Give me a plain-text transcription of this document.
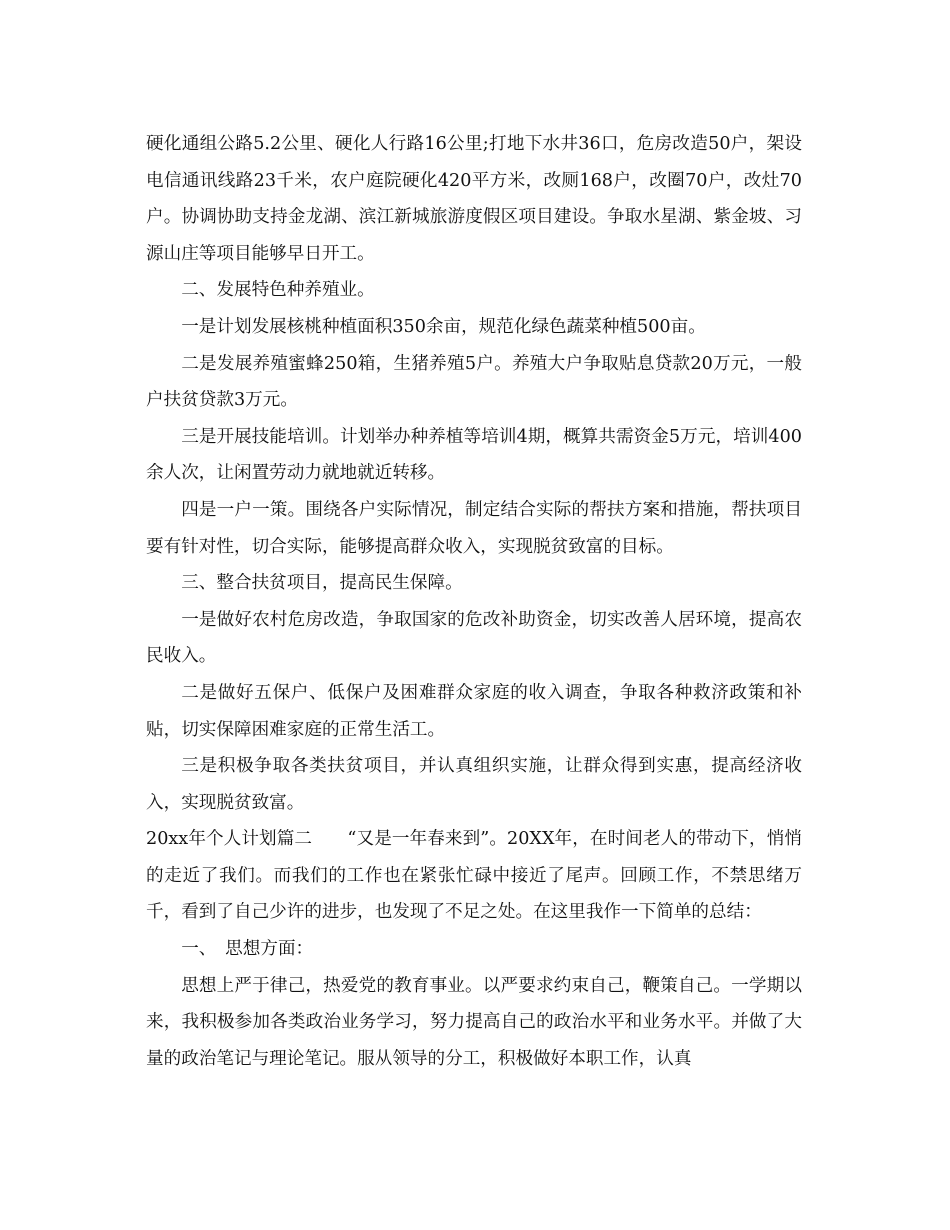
硬化通组公路5.2公里、硬化人行路16公里;打地下水井36口，危房改造50户，架设电信通讯线路23千米，农户庭院硬化420平方米，改厕168户，改圈70户，改灶70户。协调协助支持金龙湖、滨江新城旅游度假区项目建设。争取水星湖、紫金坡、习源山庄等项目能够早日开工。

二、发展特色种养殖业。

一是计划发展核桃种植面积350余亩，规范化绿色蔬菜种植500亩。

二是发展养殖蜜蜂250箱，生猪养殖5户。养殖大户争取贴息贷款20万元，一般户扶贫贷款3万元。

三是开展技能培训。计划举办种养植等培训4期，概算共需资金5万元，培训400余人次，让闲置劳动力就地就近转移。

四是一户一策。围绕各户实际情况，制定结合实际的帮扶方案和措施，帮扶项目要有针对性，切合实际，能够提高群众收入，实现脱贫致富的目标。

三、整合扶贫项目，提高民生保障。

一是做好农村危房改造，争取国家的危改补助资金，切实改善人居环境，提高农民收入。

二是做好五保户、低保户及困难群众家庭的收入调查，争取各种救济政策和补贴，切实保障困难家庭的正常生活工。

三是积极争取各类扶贫项目，并认真组织实施，让群众得到实惠，提高经济收入，实现脱贫致富。

20xx年个人计划篇二　　“又是一年春来到”。20XX年，在时间老人的带动下，悄悄的走近了我们。而我们的工作也在紧张忙碌中接近了尾声。回顾工作，不禁思绪万千，看到了自己少许的进步，也发现了不足之处。在这里我作一下简单的总结：

一、　思想方面：

思想上严于律己，热爱党的教育事业。以严要求约束自己，鞭策自己。一学期以来，我积极参加各类政治业务学习，努力提高自己的政治水平和业务水平。并做了大量的政治笔记与理论笔记。服从领导的分工，积极做好本职工作，认真
